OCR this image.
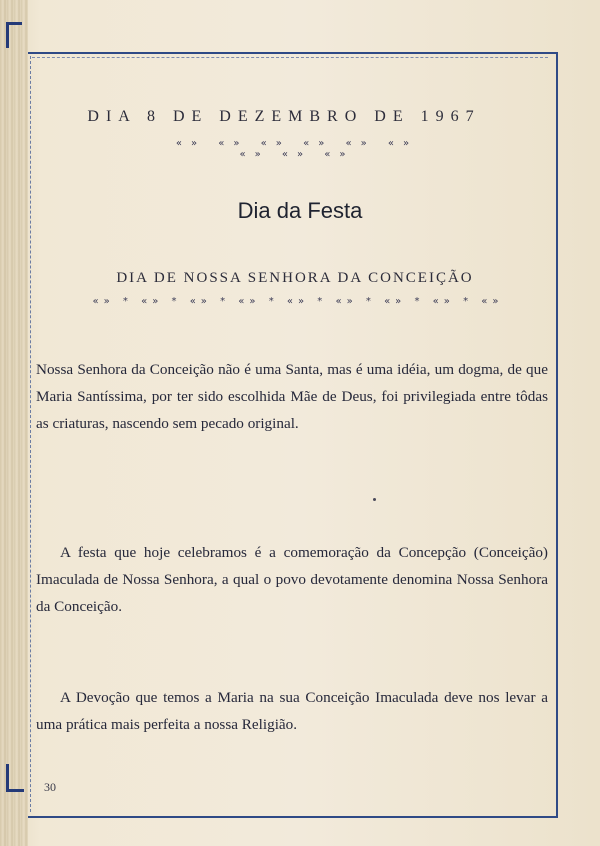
DIA 8 DE DEZEMBRO DE 1967
«» «» «» «» «» «» «» «» «»
Dia da Festa
DIA DE NOSSA SENHORA DA CONCEIÇÃO
«» * «» * «» * «» * «» * «» * «» * «» * «»
Nossa Senhora da Conceição não é uma Santa, mas é uma idéia, um dogma, de que Maria Santíssima, por ter sido escolhida Mãe de Deus, foi privilegiada entre tôdas as criaturas, nascendo sem pecado original.
A festa que hoje celebramos é a comemoração da Concepção (Conceição) Imaculada de Nossa Senhora, a qual o povo devotamente denomina Nossa Senhora da Conceição.
A Devoção que temos a Maria na sua Conceição Imaculada deve nos levar a uma prática mais perfeita a nossa Religião.
30
